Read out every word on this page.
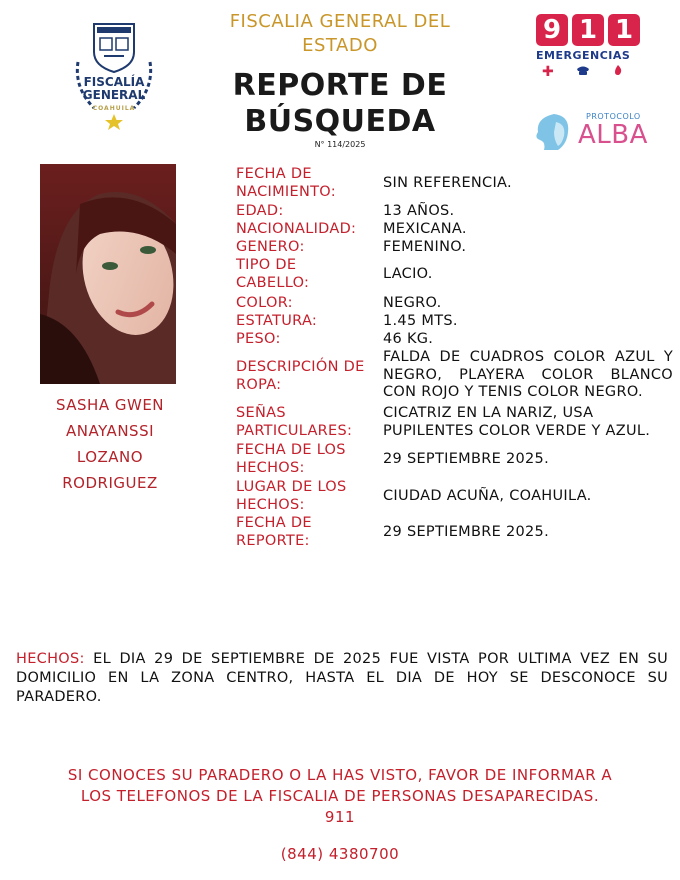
FISCALÍA
GENERAL
COAHUILA
FISCALIA GENERAL DEL
ESTADO
REPORTE DE
BÚSQUEDA
N° 114/2025
9 1 1
EMERGENCIAS
✚
PROTOCOLO
ALBA
SASHA GWEN
ANAYANSSI
LOZANO
RODRIGUEZ
FECHA DE NACIMIENTO:
SIN REFERENCIA.
EDAD:	13 AÑOS.
NACIONALIDAD:	MEXICANA.
GENERO:	FEMENINO.
TIPO DE CABELLO:
LACIO.
COLOR:	NEGRO.
ESTATURA:	1.45 MTS.
PESO:	46 KG.
DESCRIPCIÓN DE ROPA:
FALDA DE CUADROS COLOR AZUL Y NEGRO, PLAYERA COLOR BLANCO CON ROJO Y TENIS COLOR NEGRO.
SEÑAS PARTICULARES:
CICATRIZ EN LA NARIZ, USA PUPILENTES COLOR VERDE Y AZUL.
FECHA DE LOS HECHOS:
29 SEPTIEMBRE 2025.
LUGAR DE LOS HECHOS:
CIUDAD ACUÑA, COAHUILA.
FECHA DE REPORTE:
29 SEPTIEMBRE 2025.
HECHOS: EL DIA 29 DE SEPTIEMBRE DE 2025 FUE VISTA POR ULTIMA VEZ EN SU DOMICILIO EN LA ZONA CENTRO, HASTA EL DIA DE HOY SE DESCONOCE SU PARADERO.
SI CONOCES SU PARADERO O LA HAS VISTO, FAVOR DE INFORMAR A
LOS TELEFONOS DE LA FISCALIA DE PERSONAS DESAPARECIDAS.
911
(844) 4380700
